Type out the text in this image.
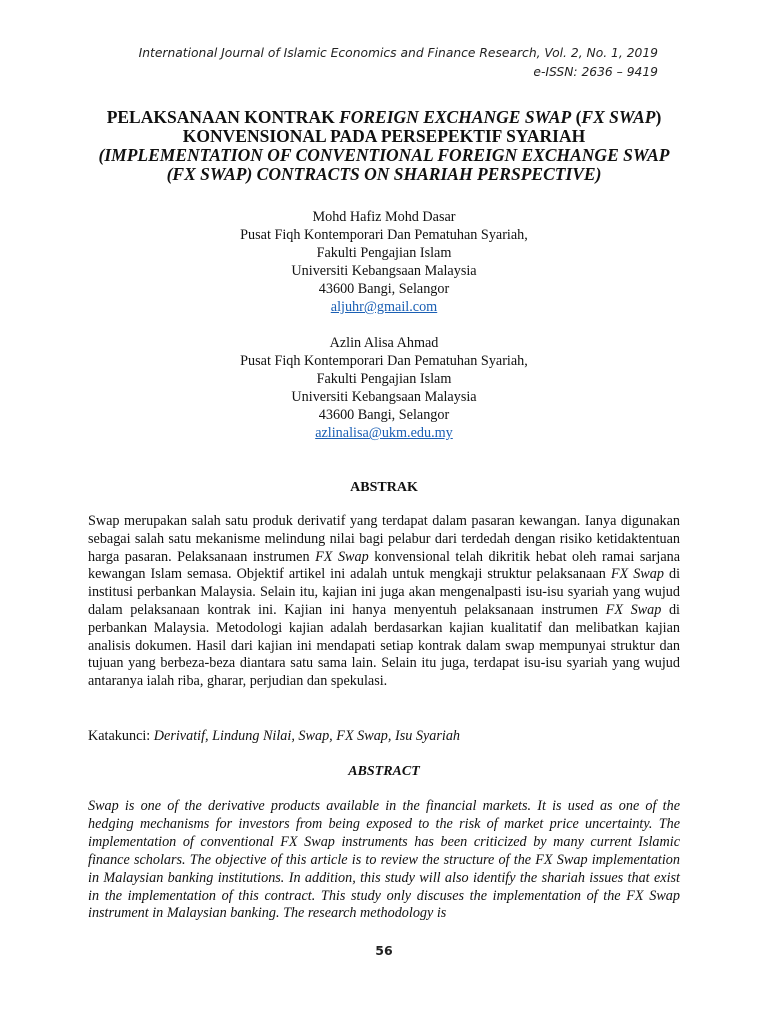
International Journal of Islamic Economics and Finance Research, Vol. 2, No. 1, 2019
e-ISSN: 2636 – 9419
PELAKSANAAN KONTRAK FOREIGN EXCHANGE SWAP (FX SWAP)
KONVENSIONAL PADA PERSEPEKTIF SYARIAH
(IMPLEMENTATION OF CONVENTIONAL FOREIGN EXCHANGE SWAP
(FX SWAP) CONTRACTS ON SHARIAH PERSPECTIVE)
Mohd Hafiz Mohd Dasar
Pusat Fiqh Kontemporari Dan Pematuhan Syariah,
Fakulti Pengajian Islam
Universiti Kebangsaan Malaysia
43600 Bangi, Selangor
aljuhr@gmail.com
Azlin Alisa Ahmad
Pusat Fiqh Kontemporari Dan Pematuhan Syariah,
Fakulti Pengajian Islam
Universiti Kebangsaan Malaysia
43600 Bangi, Selangor
azlinalisa@ukm.edu.my
ABSTRAK
Swap merupakan salah satu produk derivatif yang terdapat dalam pasaran kewangan. Ianya digunakan sebagai salah satu mekanisme melindung nilai bagi pelabur dari terdedah dengan risiko ketidaktentuan harga pasaran. Pelaksanaan instrumen FX Swap konvensional telah dikritik hebat oleh ramai sarjana kewangan Islam semasa. Objektif artikel ini adalah untuk mengkaji struktur pelaksanaan FX Swap di institusi perbankan Malaysia. Selain itu, kajian ini juga akan mengenalpasti isu-isu syariah yang wujud dalam pelaksanaan kontrak ini. Kajian ini hanya menyentuh pelaksanaan instrumen FX Swap di perbankan Malaysia. Metodologi kajian adalah berdasarkan kajian kualitatif dan melibatkan kajian analisis dokumen. Hasil dari kajian ini mendapati setiap kontrak dalam swap mempunyai struktur dan tujuan yang berbeza-beza diantara satu sama lain. Selain itu juga, terdapat isu-isu syariah yang wujud antaranya ialah riba, gharar, perjudian dan spekulasi.
Katakunci: Derivatif, Lindung Nilai, Swap, FX Swap, Isu Syariah
ABSTRACT
Swap is one of the derivative products available in the financial markets. It is used as one of the hedging mechanisms for investors from being exposed to the risk of market price uncertainty. The implementation of conventional FX Swap instruments has been criticized by many current Islamic finance scholars. The objective of this article is to review the structure of the FX Swap implementation in Malaysian banking institutions. In addition, this study will also identify the shariah issues that exist in the implementation of this contract. This study only discuses the implementation of the FX Swap instrument in Malaysian banking. The research methodology is
56
